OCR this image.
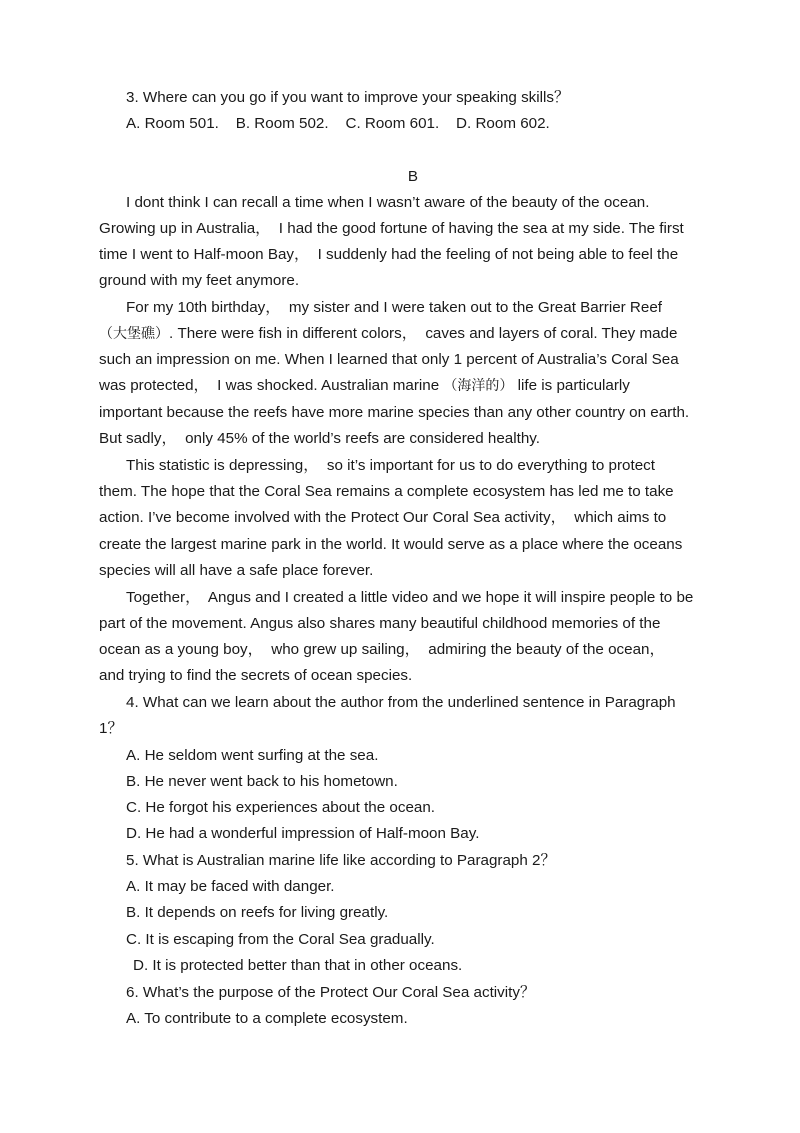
3. Where can you go if you want to improve your speaking skills？
A. Room 501.    B. Room 502.    C. Room 601.    D. Room 602.
B
I dont think I can recall a time when I wasn’t aware of the beauty of the ocean.
Growing up in Australia，  I had the good fortune of having the sea at my side. The first
time I went to Half-moon Bay，  I suddenly had the feeling of not being able to feel the
ground with my feet anymore.
For my 10th birthday，  my sister and I were taken out to the Great Barrier Reef
（大堡礁）. There were fish in different colors，  caves and layers of coral. They made
such an impression on me. When I learned that only 1 percent of Australia’s Coral Sea
was protected，  I was shocked. Australian marine （海洋的） life is particularly
important because the reefs have more marine species than any other country on earth.
But sadly，  only 45% of the world’s reefs are considered healthy.
This statistic is depressing，  so it’s important for us to do everything to protect
them. The hope that the Coral Sea remains a complete ecosystem has led me to take
action. I’ve become involved with the Protect Our Coral Sea activity，  which aims to
create the largest marine park in the world. It would serve as a place where the oceans
species will all have a safe place forever.
Together，  Angus and I created a little video and we hope it will inspire people to be
part of the movement. Angus also shares many beautiful childhood memories of the
ocean as a young boy，  who grew up sailing，  admiring the beauty of the ocean，
and trying to find the secrets of ocean species.
4. What can we learn about the author from the underlined sentence in Paragraph
1？
A. He seldom went surfing at the sea.
B. He never went back to his hometown.
C. He forgot his experiences about the ocean.
D. He had a wonderful impression of Half-moon Bay.
5. What is Australian marine life like according to Paragraph 2？
A. It may be faced with danger.
B. It depends on reefs for living greatly.
C. It is escaping from the Coral Sea gradually.
D. It is protected better than that in other oceans.
6. What’s the purpose of the Protect Our Coral Sea activity？
A. To contribute to a complete ecosystem.
